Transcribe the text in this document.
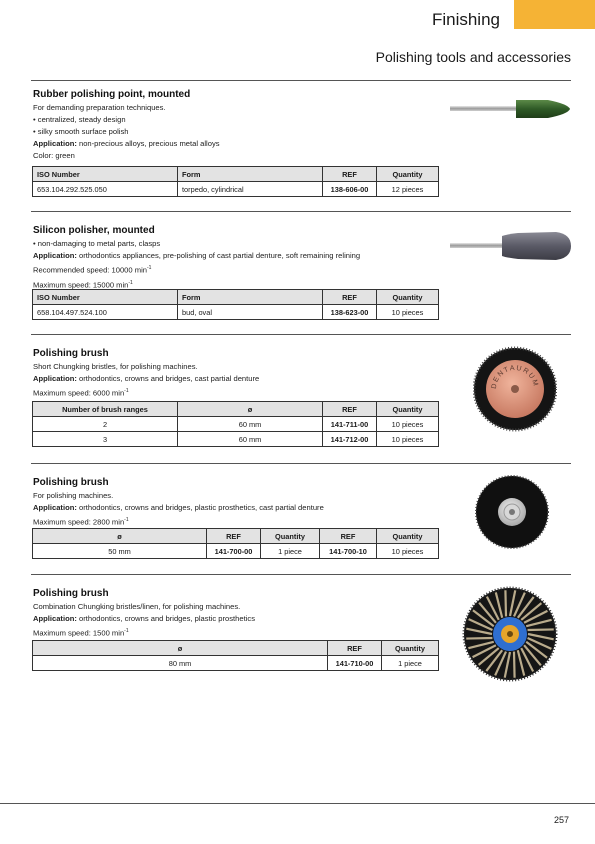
Finishing
Polishing tools and accessories
Rubber polishing point, mounted
For demanding preparation techniques.
• centralized, steady design
• silky smooth surface polish
Application: non-precious alloys, precious metal alloys
Color: green
ISO Number	Form	REF	Quantity
653.104.292.525.050	torpedo, cylindrical	138-606-00	12 pieces
Silicon polisher, mounted
• non-damaging to metal parts, clasps
Application: orthodontics appliances, pre-polishing of cast partial denture, soft remaining relining
Recommended speed: 10000 $\min^{-1}$
Maximum speed: 15000 $\min^{-1}$
ISO Number	Form	REF	Quantity
658.104.497.524.100	bud, oval	138-623-00	10 pieces
Polishing brush
Short Chungking bristles, for polishing machines.
Application: orthodontics, crowns and bridges, cast partial denture
Maximum speed: 6000 $\min^{-1}$
Number of brush ranges	ø	REF	Quantity
2	60 mm	141-711-00	10 pieces
3	60 mm	141-712-00	10 pieces
DENTAURUM
Polishing brush
For polishing machines.
Application: orthodontics, crowns and bridges, plastic prosthetics, cast partial denture
Maximum speed: 2800 $\min^{-1}$
ø	REF	Quantity	REF	Quantity
50 mm	141-700-00	1 piece	141-700-10	10 pieces
Polishing brush
Combination Chungking bristles/linen, for polishing machines.
Application: orthodontics, crowns and bridges, plastic prosthetics
Maximum speed: 1500 $\min^{-1}$
ø	REF	Quantity
80 mm	141-710-00	1 piece
257
